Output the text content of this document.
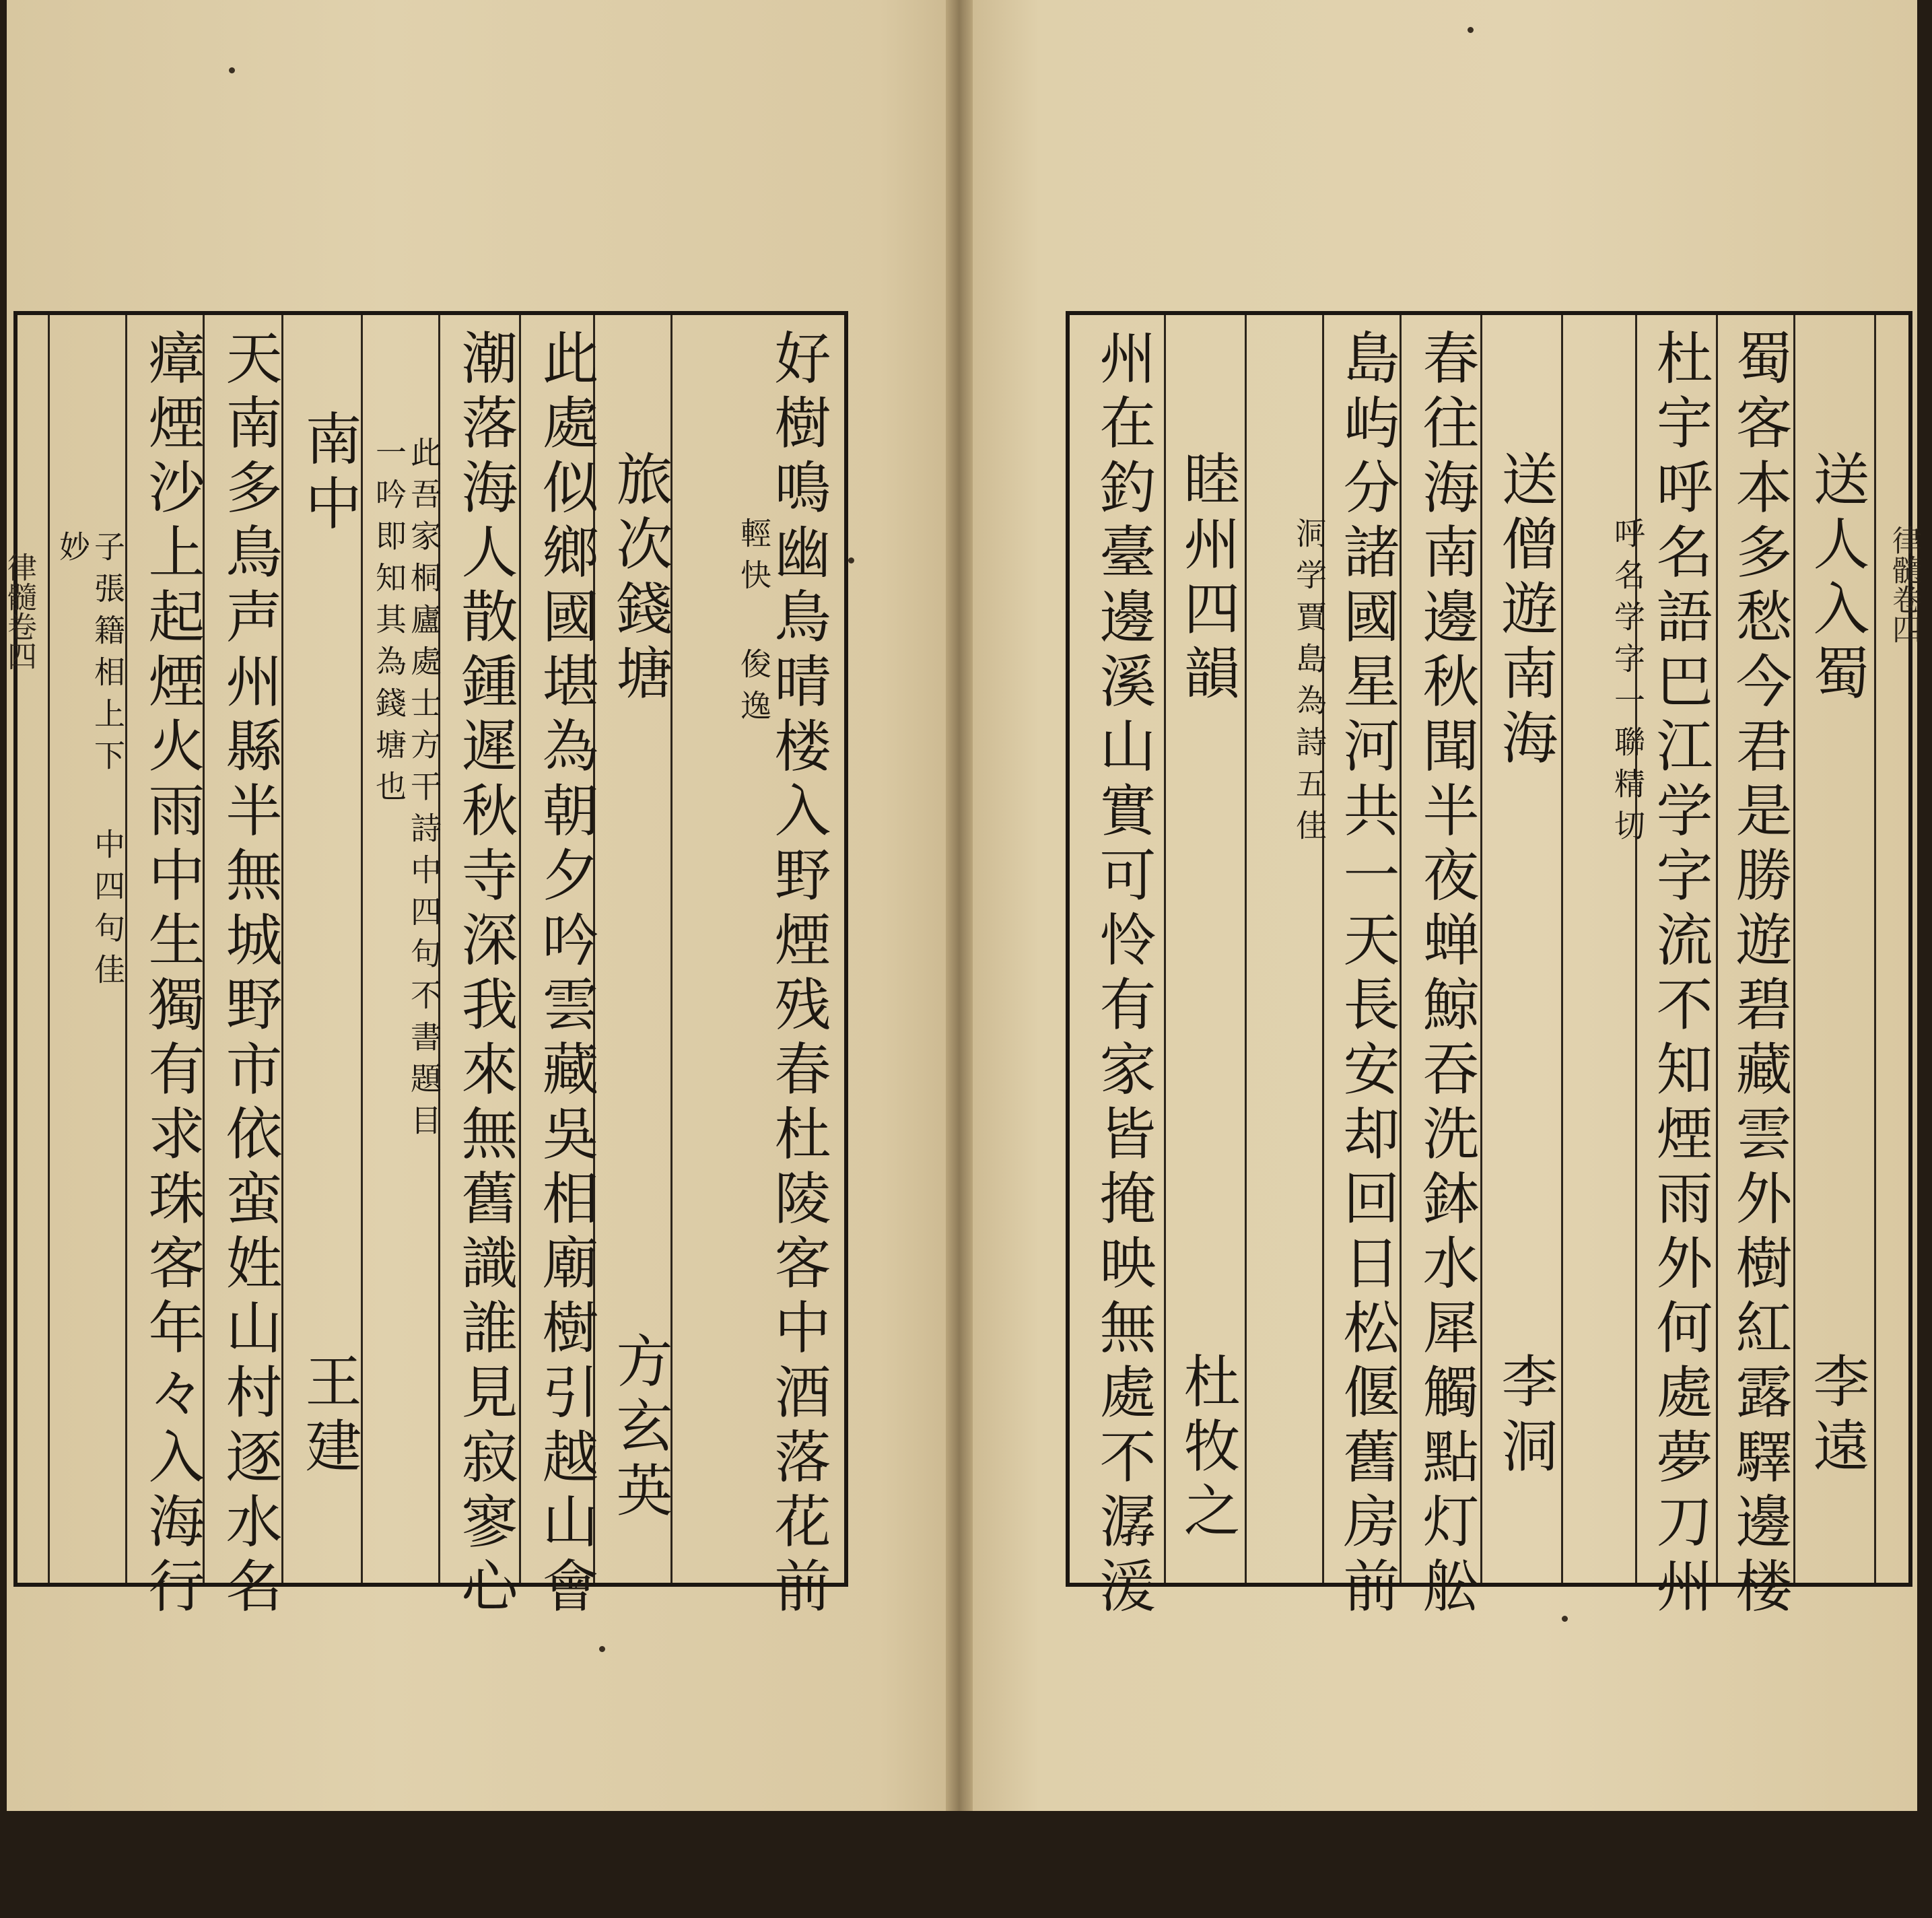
好樹鳴幽鳥晴楼入野煙残春杜陵客中酒落花前
輕快 俊逸
旅次錢塘
方玄英
此處似鄉國堪為朝夕吟雲藏吳相廟樹引越山會
潮落海人散鍾遲秋寺深我來無舊識誰見寂寥心
此吾家桐廬處士方干詩中四句不書題目一吟即知其為錢塘也
南中
王建
天南多鳥声州縣半無城野市依蛮姓山村逐水名
瘴煙沙上起煙火雨中生獨有求珠客年々入海行
子張籍相上下 中四句佳妙
律髓卷四	送人入蜀
李遠
蜀客本多愁今君是勝遊碧藏雲外樹紅露驛邊楼
杜宇呼名語巴江学字流不知煙雨外何處夢刀州
呼名学字一聯精切
送僧遊南海
李洞
春往海南邊秋聞半夜蝉鯨吞洗鉢水犀觸點灯舩
島屿分諸國星河共一天長安却回日松偃舊房前
洞学賈島為詩五佳
睦州四韻
杜牧之
州在釣臺邊溪山實可怜有家皆掩映無處不潺湲	律髓卷四
